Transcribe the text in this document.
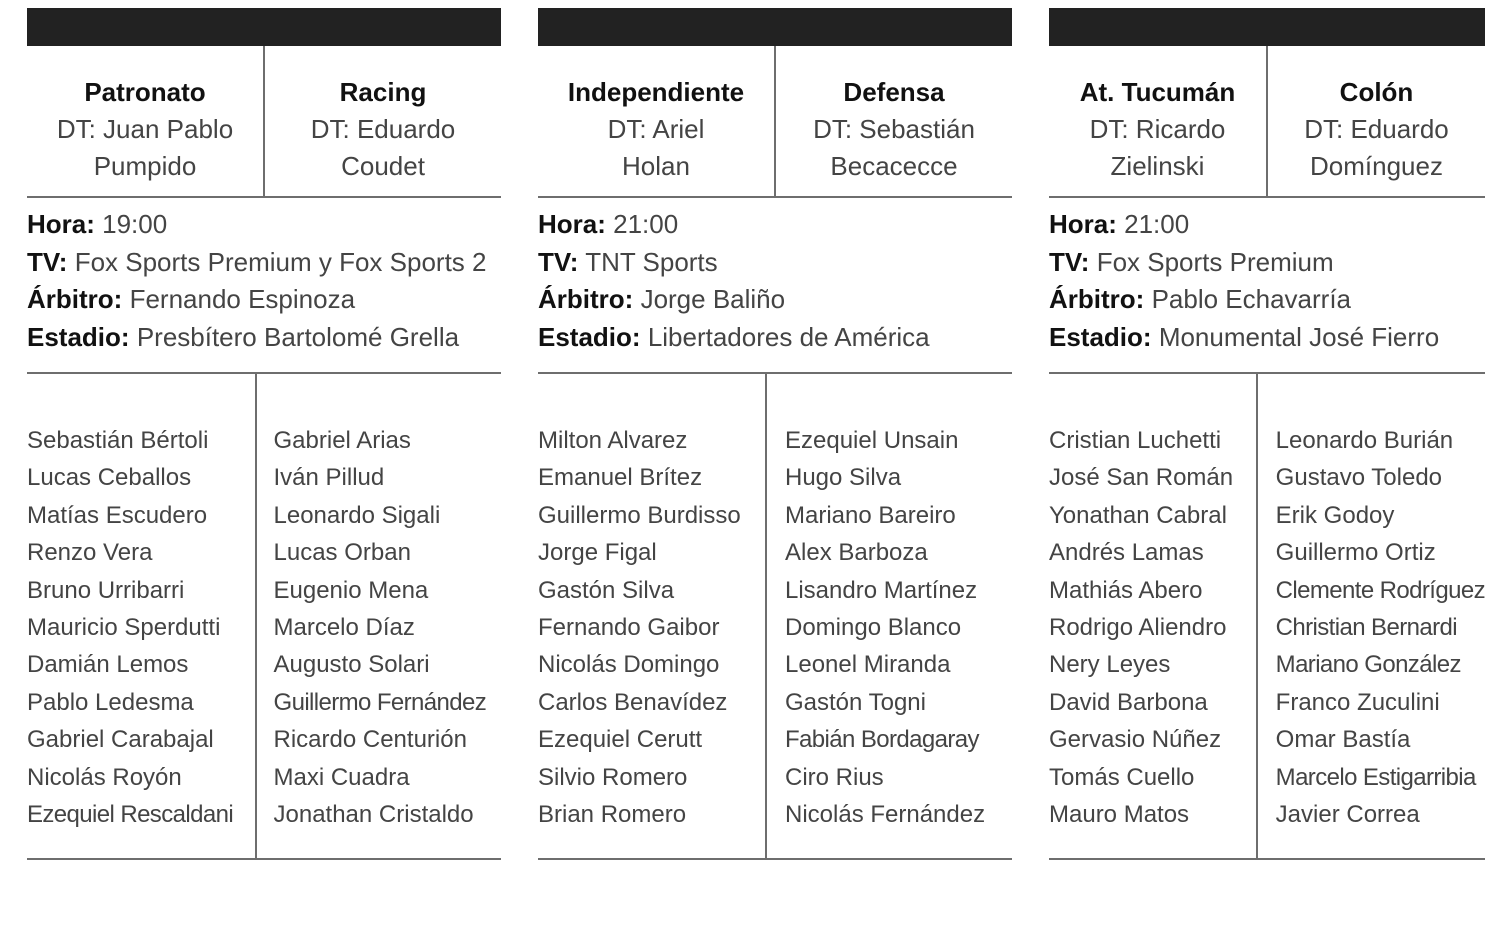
Patronato
DT: Juan Pablo
Pumpido
Racing
DT: Eduardo
Coudet
Hora: 19:00
TV: Fox Sports Premium y Fox Sports 2
Árbitro: Fernando Espinoza
Estadio: Presbítero Bartolomé Grella
Sebastián Bértoli
Lucas Ceballos
Matías Escudero
Renzo Vera
Bruno Urribarri
Mauricio Sperdutti
Damián Lemos
Pablo Ledesma
Gabriel Carabajal
Nicolás Royón
Ezequiel Rescaldani
Gabriel Arias
Iván Pillud
Leonardo Sigali
Lucas Orban
Eugenio Mena
Marcelo Díaz
Augusto Solari
Guillermo Fernández
Ricardo Centurión
Maxi Cuadra
Jonathan Cristaldo
Independiente
DT: Ariel
Holan
Defensa
DT: Sebastián
Becacecce
Hora: 21:00
TV: TNT Sports
Árbitro: Jorge Baliño
Estadio: Libertadores de América
Milton Alvarez
Emanuel Brítez
Guillermo Burdisso
Jorge Figal
Gastón Silva
Fernando Gaibor
Nicolás Domingo
Carlos Benavídez
Ezequiel Cerutt
Silvio Romero
Brian Romero
Ezequiel Unsain
Hugo Silva
Mariano Bareiro
Alex Barboza
Lisandro Martínez
Domingo Blanco
Leonel Miranda
Gastón Togni
Fabián Bordagaray
Ciro Rius
Nicolás Fernández
At. Tucumán
DT: Ricardo
Zielinski
Colón
DT: Eduardo
Domínguez
Hora: 21:00
TV: Fox Sports Premium
Árbitro: Pablo Echavarría
Estadio: Monumental José Fierro
Cristian Luchetti
José San Román
Yonathan Cabral
Andrés Lamas
Mathiás Abero
Rodrigo Aliendro
Nery Leyes
David Barbona
Gervasio Núñez
Tomás Cuello
Mauro Matos
Leonardo Burián
Gustavo Toledo
Erik Godoy
Guillermo Ortiz
Clemente Rodríguez
Christian Bernardi
Mariano González
Franco Zuculini
Omar Bastía
Marcelo Estigarribia
Javier Correa
